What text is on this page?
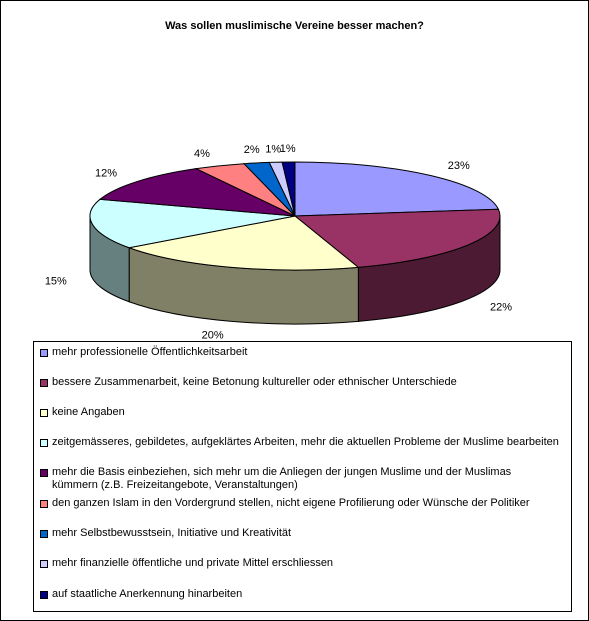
Was sollen muslimische Vereine besser machen?
23%
22%
20%
15%
12%
4%	2% 1%
1%
mehr professionelle Öffentlichkeitsarbeit
bessere Zusammenarbeit, keine Betonung kultureller oder ethnischer Unterschiede
keine Angaben
zeitgemässeres, gebildetes, aufgeklärtes Arbeiten, mehr die aktuellen Probleme der Muslime bearbeiten
mehr die Basis einbeziehen, sich mehr um die Anliegen der jungen Muslime und der Muslimas kümmern (z.B. Freizeitangebote, Veranstaltungen)
den ganzen Islam in den Vordergrund stellen, nicht eigene Profilierung oder Wünsche der Politiker
mehr Selbstbewusstsein, Initiative und Kreativität
mehr finanzielle öffentliche und private Mittel erschliessen
auf staatliche Anerkennung hinarbeiten
